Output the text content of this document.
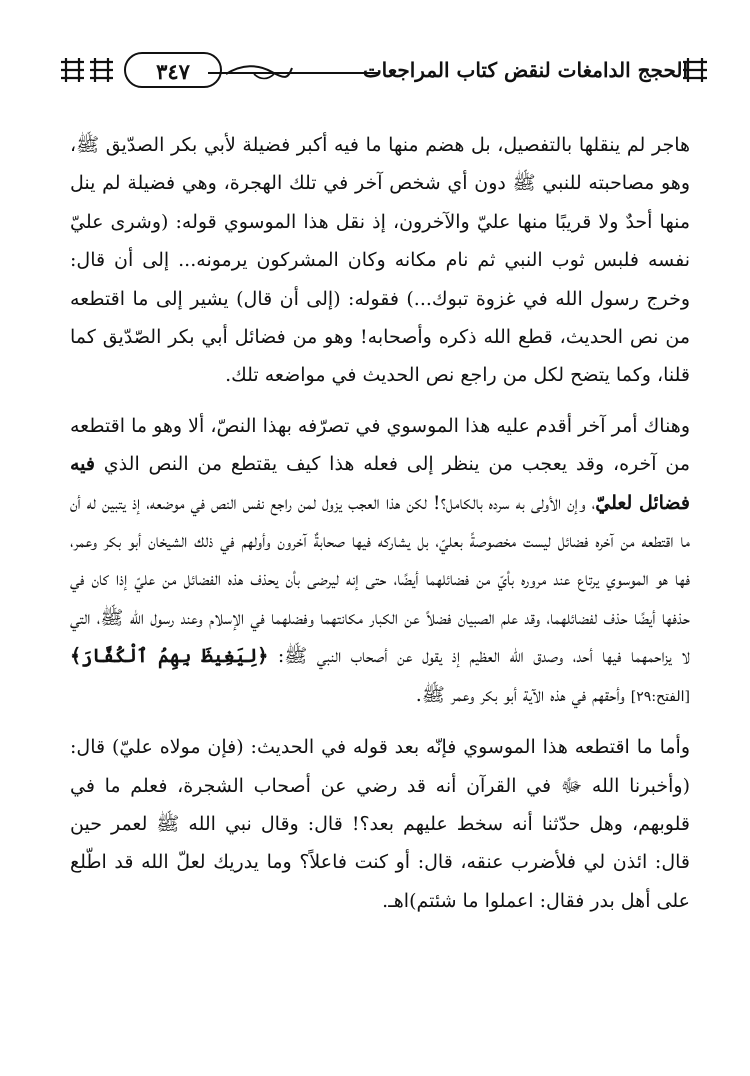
الحجج الدامغات لنقض كتاب المراجعات
٣٤٧

هاجر لم ينقلها بالتفصيل، بل هضم منها ما فيه أكبر فضيلة لأبي بكر الصدّيق ﷺ، وهو مصاحبته للنبي ﷺ دون أي شخص آخر في تلك الهجرة، وهي فضيلة لم ينل منها أحدٌ ولا قريبًا منها عليّ والآخرون، إذ نقل هذا الموسوي قوله: (وشرى عليّ نفسه فلبس ثوب النبي ثم نام مكانه وكان المشركون يرمونه... إلى أن قال: وخرج رسول الله في غزوة تبوك...) فقوله: (إلى أن قال) يشير إلى ما اقتطعه من نص الحديث، قطع الله ذكره وأصحابه! وهو من فضائل أبي بكر الصّدّيق كما قلنا، وكما يتضح لكل من راجع نص الحديث في مواضعه تلك.

وهناك أمر آخر أقدم عليه هذا الموسوي في تصرّفه بهذا النصّ، ألا وهو ما اقتطعه من آخره، وقد يعجب من ينظر إلى فعله هذا كيف يقتطع من النص الذي فيه فضائل لعليّ، وإن الأولى به سرده بالكامل؟! لكن هذا العجب يزول لمن راجع نفس النص في موضعه، إذ يتبين له أن ما اقتطعه من آخره فضائل ليست مخصوصةً بعليّ، بل يشاركه فيها صحابةٌ آخرون وأولهم في ذلك الشيخان أبو بكر وعمر، فها هو الموسوي يرتاع عند مروره بأيّ من فضائلهما أيضًا، حتى إنه ليرضى بأن يحذف هذه الفضائل من عليّ إذا كان في حذفها أيضًا حذف لفضائلهما، وقد علم الصبيان فضلاً عن الكبار مكانتهما وفضلهما في الإسلام وعند رسول الله ﷺ، التي لا يزاحمهما فيها أحد، وصدق الله العظيم إذ يقول عن أصحاب النبي ﷺ: ﴿لِيَغِيظَ بِهِمُ ٱلْكُفَّارَ﴾ [الفتح:٢٩] وأحقهم في هذه الآية أبو بكر وعمر ﷺ.

وأما ما اقتطعه هذا الموسوي فإنّه بعد قوله في الحديث: (فإن مولاه عليّ) قال: (وأخبرنا الله ﷻ في القرآن أنه قد رضي عن أصحاب الشجرة، فعلم ما في قلوبهم، وهل حدّثنا أنه سخط عليهم بعد؟! قال: وقال نبي الله ﷺ لعمر حين قال: ائذن لي فلأضرب عنقه، قال: أو كنت فاعلاً؟ وما يدريك لعلّ الله قد اطّلع على أهل بدر فقال: اعملوا ما شئتم)اهـ.
